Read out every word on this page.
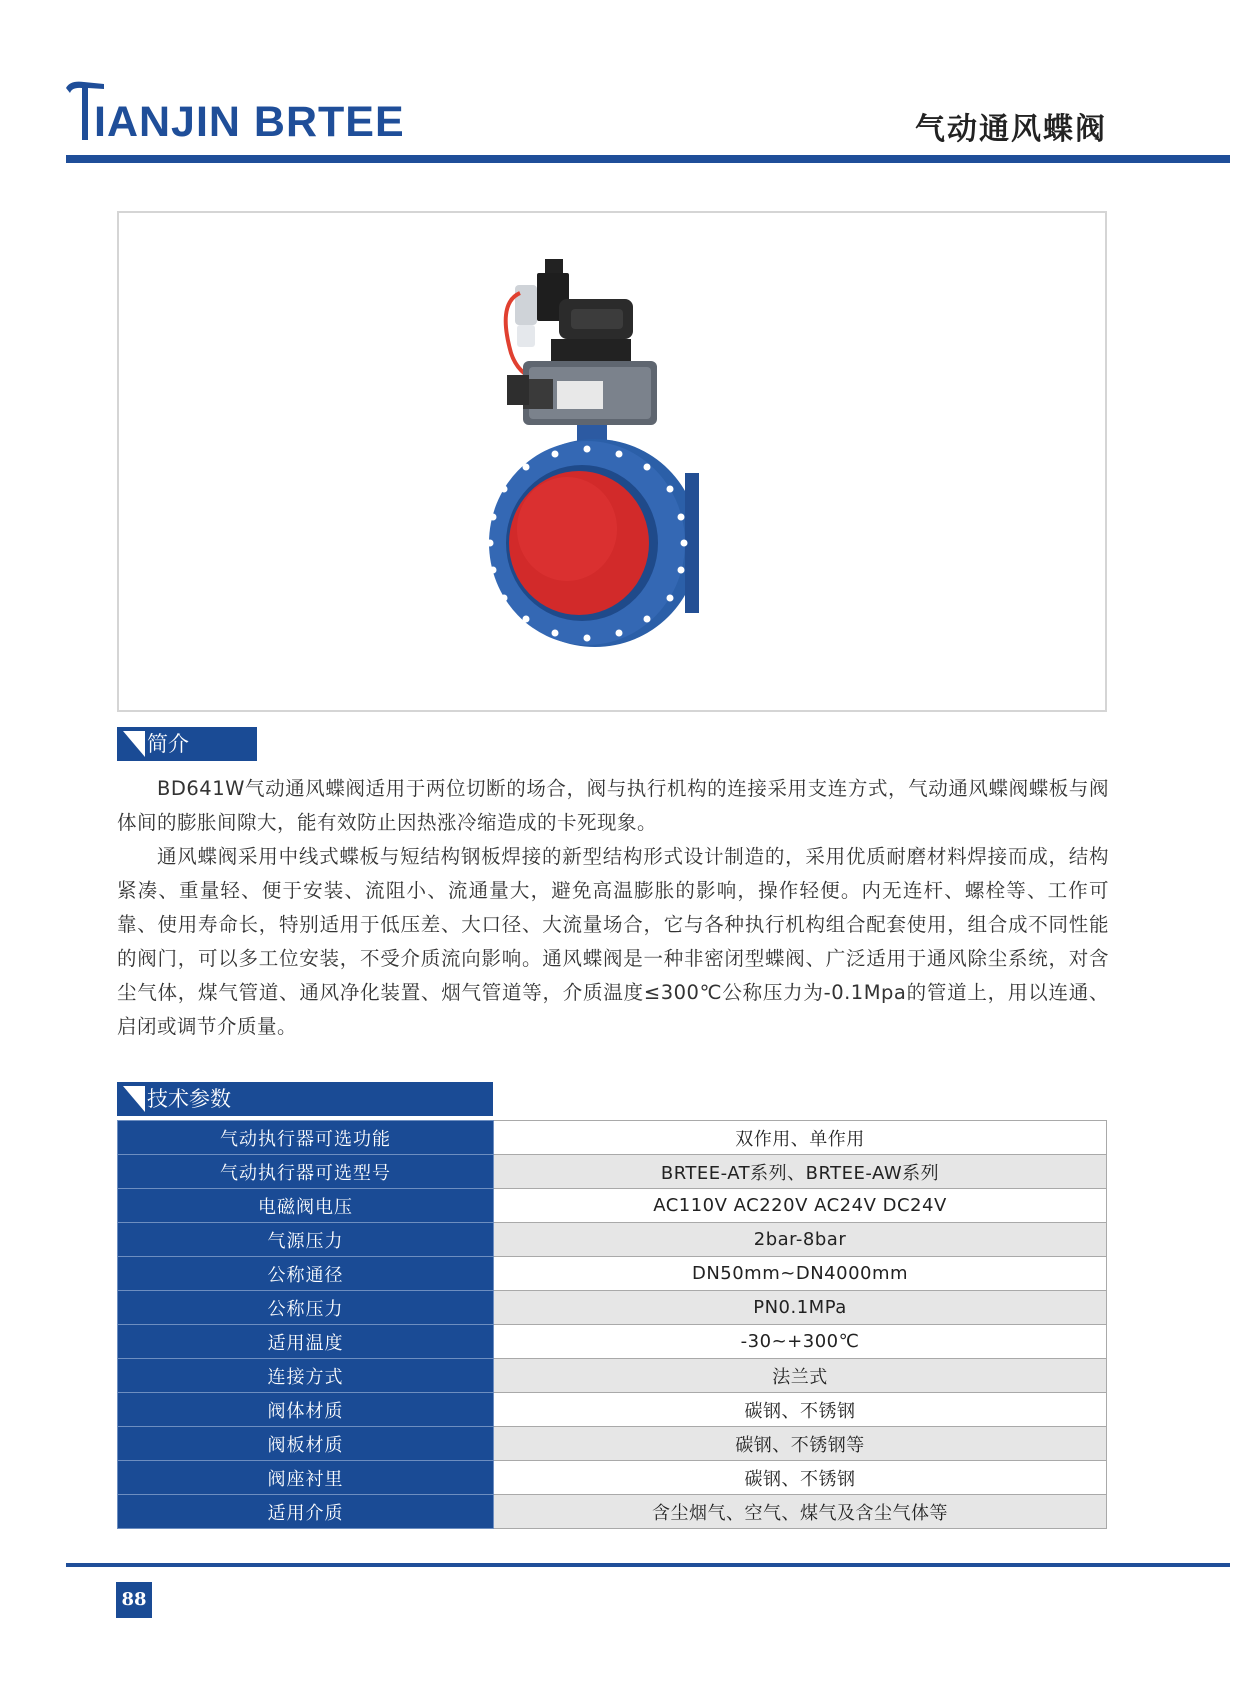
IANJIN BRTEE	气动通风蝶阀
简介

BD641W气动通风蝶阀适用于两位切断的场合，阀与执行机构的连接采用支连方式，气动通风蝶阀蝶板与阀体间的膨胀间隙大，能有效防止因热涨冷缩造成的卡死现象。

通风蝶阀采用中线式蝶板与短结构钢板焊接的新型结构形式设计制造的，采用优质耐磨材料焊接而成，结构紧凑、重量轻、便于安装、流阻小、流通量大，避免高温膨胀的影响，操作轻便。内无连杆、螺栓等、工作可靠、使用寿命长，特别适用于低压差、大口径、大流量场合，它与各种执行机构组合配套使用，组合成不同性能的阀门，可以多工位安装，不受介质流向影响。通风蝶阀是一种非密闭型蝶阀、广泛适用于通风除尘系统，对含尘气体，煤气管道、通风净化装置、烟气管道等，介质温度≤300℃公称压力为-0.1Mpa的管道上，用以连通、启闭或调节介质量。

技术参数
气动执行器可选功能	双作用、单作用
气动执行器可选型号	BRTEE-AT系列、BRTEE-AW系列
电磁阀电压	AC110V AC220V AC24V DC24V
气源压力	2bar-8bar
公称通径	DN50mm~DN4000mm
公称压力	PN0.1MPa
适用温度	-30~+300℃
连接方式	法兰式
阀体材质	碳钢、不锈钢
阀板材质	碳钢、不锈钢等
阀座衬里	碳钢、不锈钢
适用介质	含尘烟气、空气、煤气及含尘气体等
88
